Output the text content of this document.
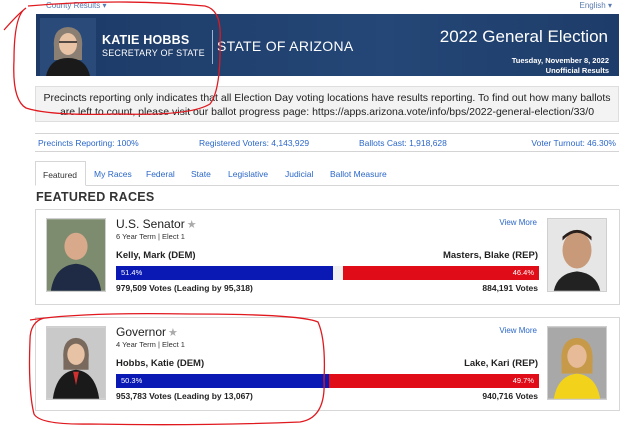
County Results ▾	English ▾
KATIE HOBBS
SECRETARY OF STATE STATE OF ARIZONA	2022 General Election
Tuesday, November 8, 2022
Unofficial Results
Precincts reporting only indicates that all Election Day voting locations have results reporting. To find out how many ballots are left to count, please visit our ballot progress page: https://apps.arizona.vote/info/bps/2022-general-election/33/0
Precincts Reporting: 100%	Registered Voters: 4,143,929	Ballots Cast: 1,918,628	Voter Turnout: 46.30%
Featured	My Races Federal State Legislative Judicial Ballot Measure
FEATURED RACES
U.S. Senator ★
6 Year Term | Elect 1
View More
Kelly, Mark (DEM)	Masters, Blake (REP)
51.4%	46.4%
979,509 Votes (Leading by 95,318)	884,191 Votes
Governor ★
4 Year Term | Elect 1
View More
Hobbs, Katie (DEM)	Lake, Kari (REP)
50.3%	49.7%
953,783 Votes (Leading by 13,067)	940,716 Votes
